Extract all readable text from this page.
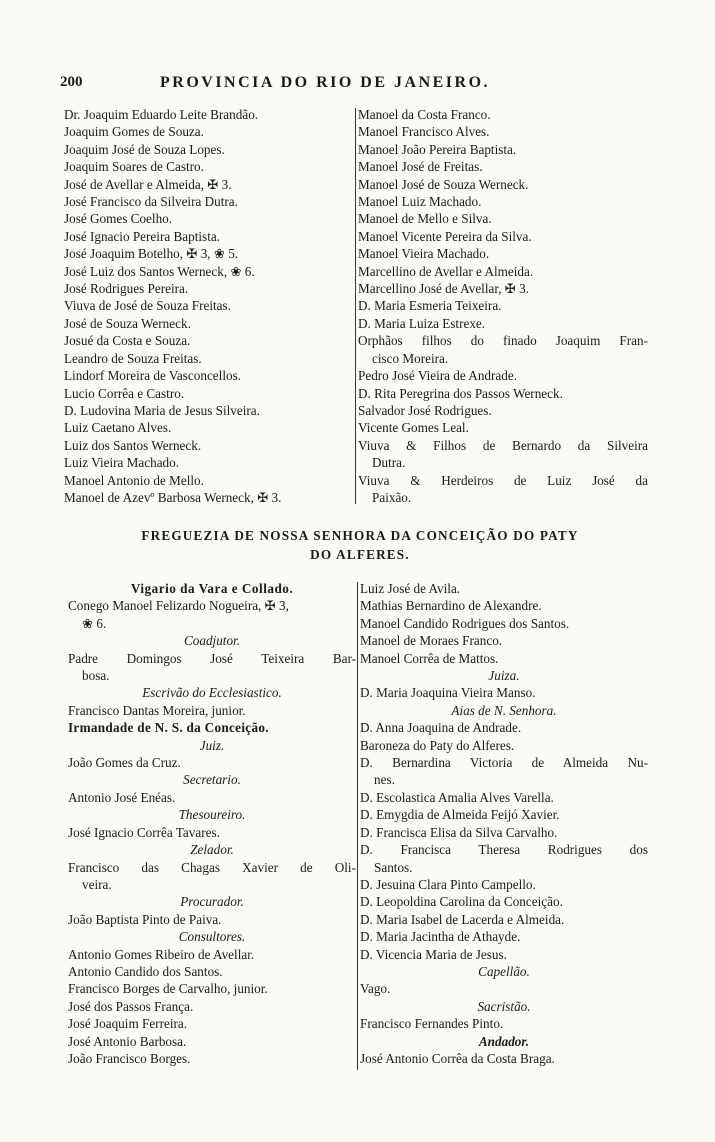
200	PROVINCIA DO RIO DE JANEIRO.
Dr. Joaquim Eduardo Leite Brandão.
Joaquim Gomes de Souza.
Joaquim José de Souza Lopes.
Joaquim Soares de Castro.
José de Avellar e Almeida, ✠ 3.
José Francisco da Silveira Dutra.
José Gomes Coelho.
José Ignacio Pereira Baptista.
José Joaquim Botelho, ✠ 3, ❀ 5.
José Luiz dos Santos Werneck, ❀ 6.
José Rodrigues Pereira.
Viuva de José de Souza Freitas.
José de Souza Werneck.
Josué da Costa e Souza.
Leandro de Souza Freitas.
Lindorf Moreira de Vasconcellos.
Lucio Corrêa e Castro.
D. Ludovina Maria de Jesus Silveira.
Luiz Caetano Alves.
Luiz dos Santos Werneck.
Luiz Vieira Machado.
Manoel Antonio de Mello.
Manoel de Azevº Barbosa Werneck, ✠ 3.
Manoel da Costa Franco.
Manoel Francisco Alves.
Manoel João Pereira Baptista.
Manoel José de Freitas.
Manoel José de Souza Werneck.
Manoel Luiz Machado.
Manoel de Mello e Silva.
Manoel Vicente Pereira da Silva.
Manoel Vieira Machado.
Marcellino de Avellar e Almeida.
Marcellino José de Avellar, ✠ 3.
D. Maria Esmeria Teixeira.
D. Maria Luiza Estrexe.
Orphãos filhos do finado Joaquim Fran-
cisco Moreira.
Pedro José Vieira de Andrade.
D. Rita Peregrina dos Passos Werneck.
Salvador José Rodrigues.
Vicente Gomes Leal.
Viuva & Filhos de Bernardo da Silveira
Dutra.
Viuva & Herdeiros de Luiz José da
Paixão.
FREGUEZIA DE NOSSA SENHORA DA CONCEIÇÃO DO PATY
DO ALFERES.
Vigario da Vara e Collado.
Conego Manoel Felizardo Nogueira, ✠ 3,
❀ 6.
Coadjutor.
Padre Domingos José Teixeira Bar-
bosa.
Escrivão do Ecclesiastico.
Francisco Dantas Moreira, junior.
Irmandade de N. S. da Conceição.
Juiz.
João Gomes da Cruz.
Secretario.
Antonio José Enéas.
Thesoureiro.
José Ignacio Corrêa Tavares.
Zelador.
Francisco das Chagas Xavier de Oli-
veira.
Procurador.
João Baptista Pinto de Paiva.
Consultores.
Antonio Gomes Ribeiro de Avellar.
Antonio Candido dos Santos.
Francisco Borges de Carvalho, junior.
José dos Passos França.
José Joaquim Ferreira.
José Antonio Barbosa.
João Francisco Borges.
Luiz José de Avila.
Mathias Bernardino de Alexandre.
Manoel Candido Rodrigues dos Santos.
Manoel de Moraes Franco.
Manoel Corrêa de Mattos.
Juiza.
D. Maria Joaquina Vieira Manso.
Aias de N. Senhora.
D. Anna Joaquina de Andrade.
Baroneza do Paty do Alferes.
D. Bernardina Victoria de Almeida Nu-
nes.
D. Escolastica Amalia Alves Varella.
D. Emygdia de Almeida Feijó Xavier.
D. Francisca Elisa da Silva Carvalho.
D. Francisca Theresa Rodrigues dos
Santos.
D. Jesuina Clara Pinto Campello.
D. Leopoldina Carolina da Conceição.
D. Maria Isabel de Lacerda e Almeida.
D. Maria Jacintha de Athayde.
D. Vicencia Maria de Jesus.
Capellão.
Vago.
Sacristão.
Francisco Fernandes Pinto.
Andador.
José Antonio Corrêa da Costa Braga.
